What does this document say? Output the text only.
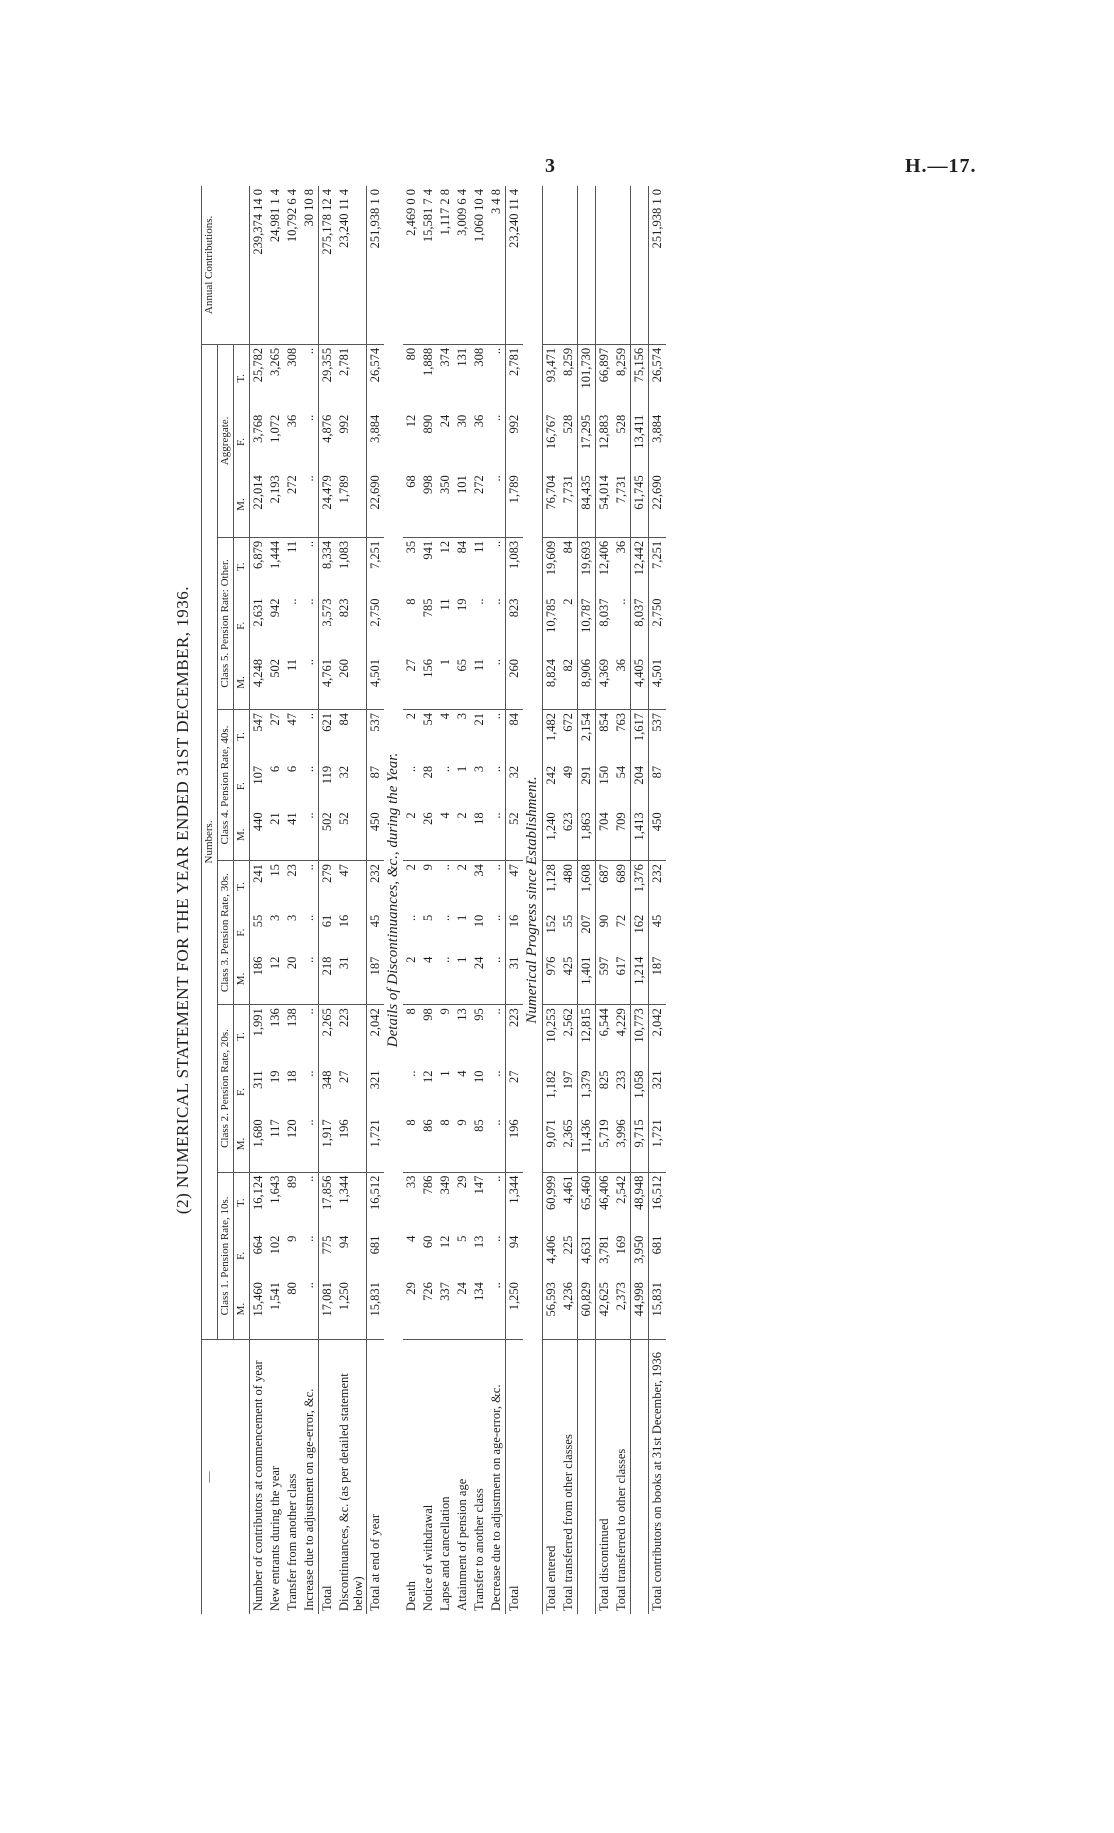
3	H.—17.
(2) NUMERICAL STATEMENT FOR THE YEAR ENDED 31ST DECEMBER, 1936.
—	Numbers.																		Annual Contributions.
	Class 1. Pension Rate, 10s.			Class 2. Pension Rate, 20s.			Class 3. Pension Rate, 30s.			Class 4. Pension Rate, 40s.			Class 5. Pension Rate: Other.			Aggregate.			
	M.	F.	T.	M.	F.	T.	M.	F.	T.	M.	F.	T.	M.	F.	T.	M.	F.	T.	
Number of contributors at commencement of year	15,460	664	16,124	1,680	311	1,991	186	55	241	440	107	547	4,248	2,631	6,879	22,014	3,768	25,782	239,374 14 0
New entrants during the year	1,541	102	1,643	117	19	136	12	3	15	21	6	27	502	942	1,444	2,193	1,072	3,265	24,981 1 4
Transfer from another class	80	9	89	120	18	138	20	3	23	41	6	47	11	..	11	272	36	308	10,792 6 4
Increase due to adjustment on age-error, &c.	..	..	..	..	..	..	..	..	..	..	..	..	..	..	..	..	..	..	30 10 8
Total	17,081	775	17,856	1,917	348	2,265	218	61	279	502	119	621	4,761	3,573	8,334	24,479	4,876	29,355	275,178 12 4
Discontinuances, &c. (as per detailed statement below)	1,250	94	1,344	196	27	223	31	16	47	52	32	84	260	823	1,083	1,789	992	2,781	23,240 11 4
Total at end of year	15,831	681	16,512	1,721	321	2,042	187	45	232	450	87	537	4,501	2,750	7,251	22,690	3,884	26,574	251,938 1 0
Details of Discontinuances, &c., during the Year.																			
Death	29	4	33	8	..	8	2	..	2	2	..	2	27	8	35	68	12	80	2,469 0 0
Notice of withdrawal	726	60	786	86	12	98	4	5	9	26	28	54	156	785	941	998	890	1,888	15,581 7 4
Lapse and cancellation	337	12	349	8	1	9	..	..	..	4	..	4	1	11	12	350	24	374	1,117 2 8
Attainment of pension age	24	5	29	9	4	13	1	1	2	2	1	3	65	19	84	101	30	131	3,009 6 4
Transfer to another class	134	13	147	85	10	95	24	10	34	18	3	21	11	..	11	272	36	308	1,060 10 4
Decrease due to adjustment on age-error, &c.	..	..	..	..	..	..	..	..	..	..	..	..	..	..	..	..	..	..	3 4 8
Total	1,250	94	1,344	196	27	223	31	16	47	52	32	84	260	823	1,083	1,789	992	2,781	23,240 11 4
Numerical Progress since Establishment.																			
Total entered	56,593	4,406	60,999	9,071	1,182	10,253	976	152	1,128	1,240	242	1,482	8,824	10,785	19,609	76,704	16,767	93,471	
Total transferred from other classes	4,236	225	4,461	2,365	197	2,562	425	55	480	623	49	672	82	2	84	7,731	528	8,259	
	60,829	4,631	65,460	11,436	1,379	12,815	1,401	207	1,608	1,863	291	2,154	8,906	10,787	19,693	84,435	17,295	101,730	
Total discontinued	42,625	3,781	46,406	5,719	825	6,544	597	90	687	704	150	854	4,369	8,037	12,406	54,014	12,883	66,897	
Total transferred to other classes	2,373	169	2,542	3,996	233	4,229	617	72	689	709	54	763	36	..	36	7,731	528	8,259	
	44,998	3,950	48,948	9,715	1,058	10,773	1,214	162	1,376	1,413	204	1,617	4,405	8,037	12,442	61,745	13,411	75,156	
Total contributors on books at 31st December, 1936	15,831	681	16,512	1,721	321	2,042	187	45	232	450	87	537	4,501	2,750	7,251	22,690	3,884	26,574	251,938 1 0
